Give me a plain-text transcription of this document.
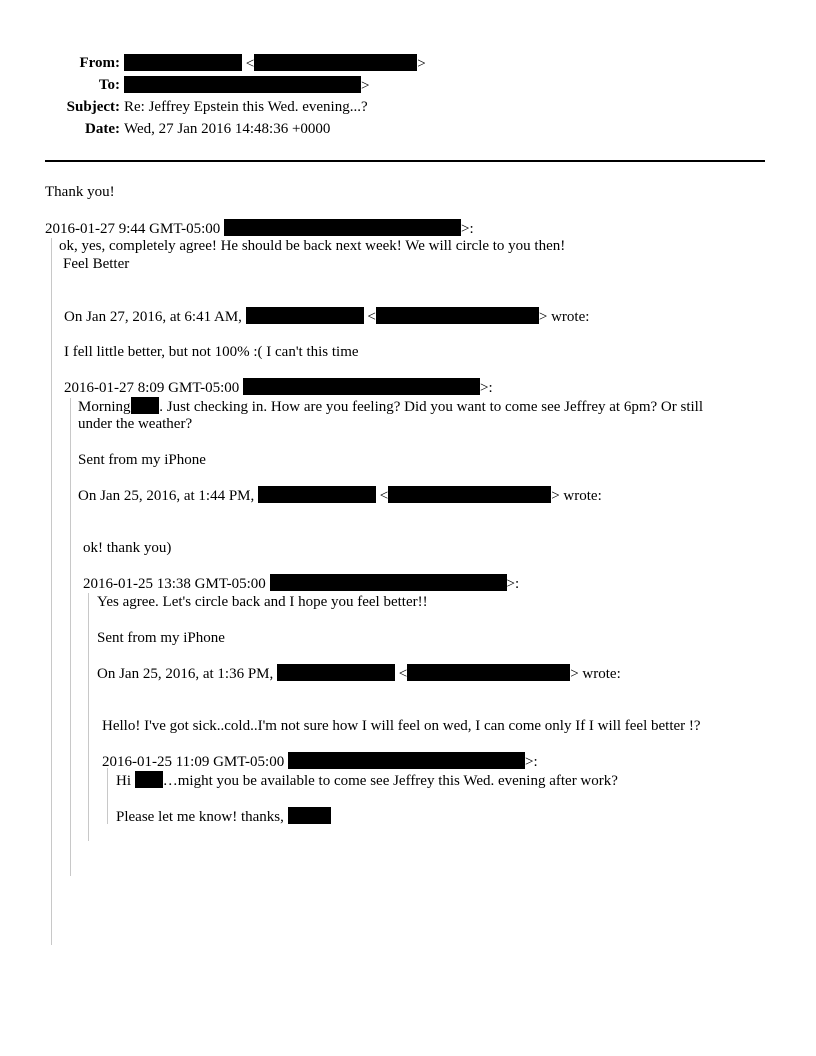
From:	<	>
To:	>
Subject: Re: Jeffrey Epstein this Wed. evening...?
Date: Wed, 27 Jan 2016 14:48:36 +0000
Thank you!
2016-01-27 9:44 GMT-05:00	>:
ok, yes, completely agree! He should be back next week! We will circle to you then!
Feel Better
On Jan 27, 2016, at 6:41 AM,	<	> wrote:
I fell little better, but not 100% :( I can't this time
2016-01-27 8:09 GMT-05:00	>:
Morning . Just checking in. How are you feeling? Did you want to come see Jeffrey at 6pm? Or still
under the weather?
Sent from my iPhone
On Jan 25, 2016, at 1:44 PM,	<	> wrote:
ok! thank you)
2016-01-25 13:38 GMT-05:00	>:
Yes agree. Let's circle back and I hope you feel better!!
Sent from my iPhone
On Jan 25, 2016, at 1:36 PM,	<	> wrote:
Hello! I've got sick..cold..I'm not sure how I will feel on wed, I can come only If I will feel better !?
2016-01-25 11:09 GMT-05:00	>:
Hi …might you be available to come see Jeffrey this Wed. evening after work?
Please let me know! thanks,
